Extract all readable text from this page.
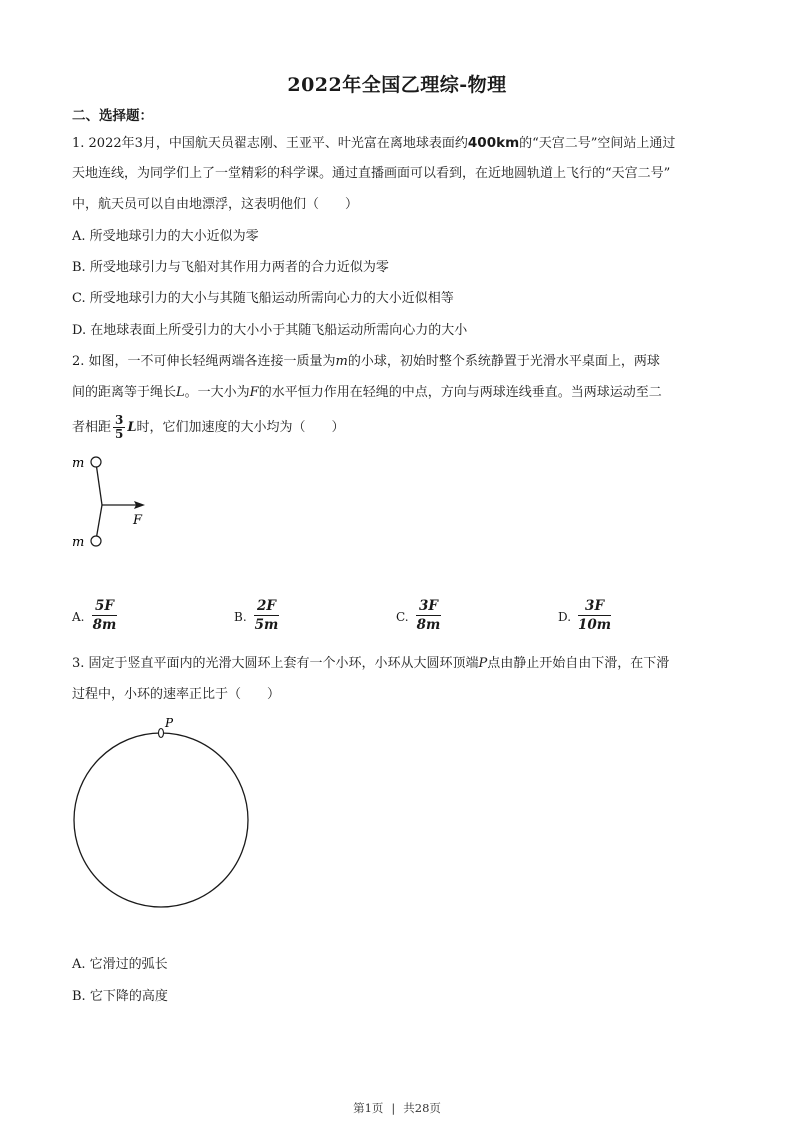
2022年全国乙理综-物理
二、选择题：
1. 2022年3月，中国航天员翟志刚、王亚平、叶光富在离地球表面约400km的“天宫二号”空间站上通过
天地连线，为同学们上了一堂精彩的科学课。通过直播画面可以看到，在近地圆轨道上飞行的“天宫二号”
中，航天员可以自由地漂浮，这表明他们（　　）
A. 所受地球引力的大小近似为零
B. 所受地球引力与飞船对其作用力两者的合力近似为零
C. 所受地球引力的大小与其随飞船运动所需向心力的大小近似相等
D. 在地球表面上所受引力的大小小于其随飞船运动所需向心力的大小
2. 如图，一不可伸长轻绳两端各连接一质量为m的小球，初始时整个系统静置于光滑水平桌面上，两球
间的距离等于绳长L。一大小为F的水平恒力作用在轻绳的中点，方向与两球连线垂直。当两球运动至二
者相距 $\frac{3}{5}$ L时，它们加速度的大小均为（　　）
m
m
F
A. $\frac{5F}{8m}$	B. $\frac{2F}{5m}$	C. $\frac{3F}{8m}$	D. $\frac{3F}{10m}$
3. 固定于竖直平面内的光滑大圆环上套有一个小环，小环从大圆环顶端P点由静止开始自由下滑，在下滑
过程中，小环的速率正比于（　　）
P
A. 它滑过的弧长
B. 它下降的高度
第1页 | 共28页
